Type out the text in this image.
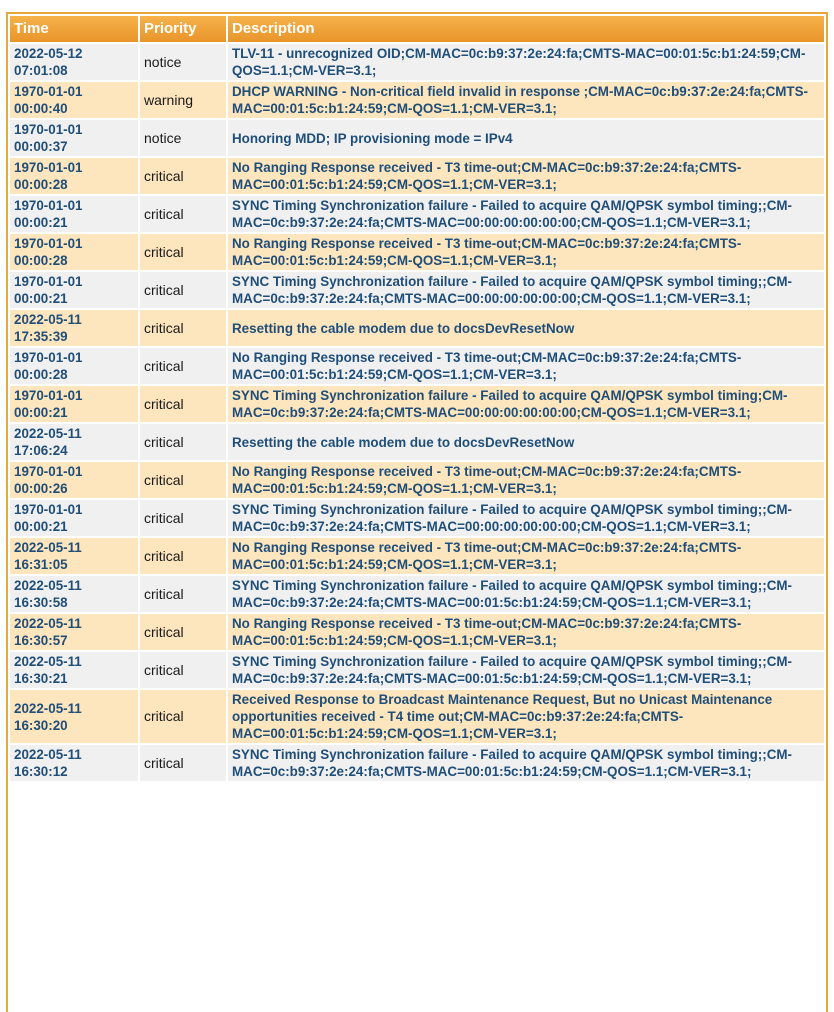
Time	Priority	Description
2022-05-12
07:01:08	notice	TLV-11 - unrecognized OID;CM-MAC=0c:b9:37:2e:24:fa;CMTS-MAC=00:01:5c:b1:24:59;CM-QOS=1.1;CM-VER=3.1;
1970-01-01
00:00:40	warning	DHCP WARNING - Non-critical field invalid in response ;CM-MAC=0c:b9:37:2e:24:fa;CMTS-MAC=00:01:5c:b1:24:59;CM-QOS=1.1;CM-VER=3.1;
1970-01-01
00:00:37	notice	Honoring MDD; IP provisioning mode = IPv4
1970-01-01
00:00:28	critical	No Ranging Response received - T3 time-out;CM-MAC=0c:b9:37:2e:24:fa;CMTS-MAC=00:01:5c:b1:24:59;CM-QOS=1.1;CM-VER=3.1;
1970-01-01
00:00:21	critical	SYNC Timing Synchronization failure - Failed to acquire QAM/QPSK symbol timing;;CM-MAC=0c:b9:37:2e:24:fa;CMTS-MAC=00:00:00:00:00:00;CM-QOS=1.1;CM-VER=3.1;
1970-01-01
00:00:28	critical	No Ranging Response received - T3 time-out;CM-MAC=0c:b9:37:2e:24:fa;CMTS-MAC=00:01:5c:b1:24:59;CM-QOS=1.1;CM-VER=3.1;
1970-01-01
00:00:21	critical	SYNC Timing Synchronization failure - Failed to acquire QAM/QPSK symbol timing;;CM-MAC=0c:b9:37:2e:24:fa;CMTS-MAC=00:00:00:00:00:00;CM-QOS=1.1;CM-VER=3.1;
2022-05-11
17:35:39	critical	Resetting the cable modem due to docsDevResetNow
1970-01-01
00:00:28	critical	No Ranging Response received - T3 time-out;CM-MAC=0c:b9:37:2e:24:fa;CMTS-MAC=00:01:5c:b1:24:59;CM-QOS=1.1;CM-VER=3.1;
1970-01-01
00:00:21	critical	SYNC Timing Synchronization failure - Failed to acquire QAM/QPSK symbol timing;CM-MAC=0c:b9:37:2e:24:fa;CMTS-MAC=00:00:00:00:00:00;CM-QOS=1.1;CM-VER=3.1;
2022-05-11
17:06:24	critical	Resetting the cable modem due to docsDevResetNow
1970-01-01
00:00:26	critical	No Ranging Response received - T3 time-out;CM-MAC=0c:b9:37:2e:24:fa;CMTS-MAC=00:01:5c:b1:24:59;CM-QOS=1.1;CM-VER=3.1;
1970-01-01
00:00:21	critical	SYNC Timing Synchronization failure - Failed to acquire QAM/QPSK symbol timing;;CM-MAC=0c:b9:37:2e:24:fa;CMTS-MAC=00:00:00:00:00:00;CM-QOS=1.1;CM-VER=3.1;
2022-05-11
16:31:05	critical	No Ranging Response received - T3 time-out;CM-MAC=0c:b9:37:2e:24:fa;CMTS-MAC=00:01:5c:b1:24:59;CM-QOS=1.1;CM-VER=3.1;
2022-05-11
16:30:58	critical	SYNC Timing Synchronization failure - Failed to acquire QAM/QPSK symbol timing;;CM-MAC=0c:b9:37:2e:24:fa;CMTS-MAC=00:01:5c:b1:24:59;CM-QOS=1.1;CM-VER=3.1;
2022-05-11
16:30:57	critical	No Ranging Response received - T3 time-out;CM-MAC=0c:b9:37:2e:24:fa;CMTS-MAC=00:01:5c:b1:24:59;CM-QOS=1.1;CM-VER=3.1;
2022-05-11
16:30:21	critical	SYNC Timing Synchronization failure - Failed to acquire QAM/QPSK symbol timing;;CM-MAC=0c:b9:37:2e:24:fa;CMTS-MAC=00:01:5c:b1:24:59;CM-QOS=1.1;CM-VER=3.1;
2022-05-11
16:30:20	critical	Received Response to Broadcast Maintenance Request, But no Unicast Maintenance opportunities received - T4 time out;CM-MAC=0c:b9:37:2e:24:fa;CMTS-MAC=00:01:5c:b1:24:59;CM-QOS=1.1;CM-VER=3.1;
2022-05-11
16:30:12	critical	SYNC Timing Synchronization failure - Failed to acquire QAM/QPSK symbol timing;;CM-MAC=0c:b9:37:2e:24:fa;CMTS-MAC=00:01:5c:b1:24:59;CM-QOS=1.1;CM-VER=3.1;
